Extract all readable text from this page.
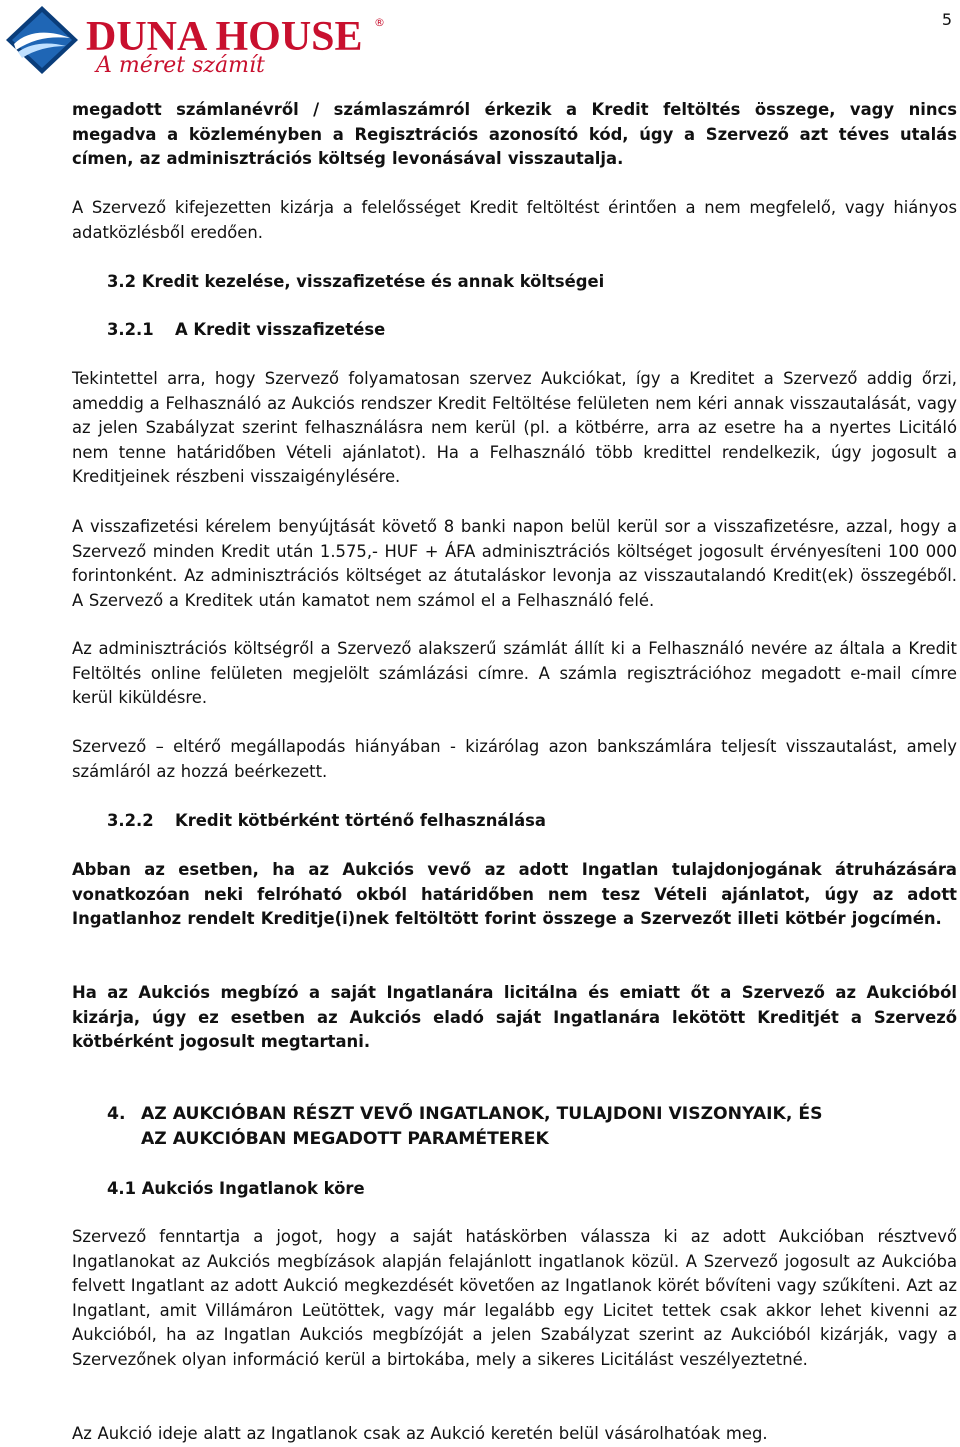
5
DUNA HOUSE ®
A méret számít

megadott számlanévről / számlaszámról érkezik a Kredit feltöltés összege, vagy nincs megadva a közleményben a Regisztrációs azonosító kód, úgy a Szervező azt téves utalás címen, az adminisztrációs költség levonásával visszautalja.

A Szervező kifejezetten kizárja a felelősséget Kredit feltöltést érintően a nem megfelelő, vagy hiányos adatközlésből eredően.

3.2 Kredit kezelése, visszafizetése és annak költségei
3.2.1 A Kredit visszafizetése

Tekintettel arra, hogy Szervező folyamatosan szervez Aukciókat, így a Kreditet a Szervező addig őrzi, ameddig a Felhasználó az Aukciós rendszer Kredit Feltöltése felületen nem kéri annak visszautalását, vagy az jelen Szabályzat szerint felhasználásra nem kerül (pl. a kötbérre, arra az esetre ha a nyertes Licitáló nem tenne határidőben Vételi ajánlatot). Ha a Felhasználó több kredittel rendelkezik, úgy jogosult a Kreditjeinek részbeni visszaigénylésére.

A visszafizetési kérelem benyújtását követő 8 banki napon belül kerül sor a visszafizetésre, azzal, hogy a Szervező minden Kredit után 1.575,- HUF + ÁFA adminisztrációs költséget jogosult érvényesíteni 100 000 forintonként. Az adminisztrációs költséget az átutaláskor levonja az visszautalandó Kredit(ek) összegéből. A Szervező a Kreditek után kamatot nem számol el a Felhasználó felé.

Az adminisztrációs költségről a Szervező alakszerű számlát állít ki a Felhasználó nevére az általa a Kredit Feltöltés online felületen megjelölt számlázási címre. A számla regisztrációhoz megadott e-mail címre kerül kiküldésre.

Szervező – eltérő megállapodás hiányában - kizárólag azon bankszámlára teljesít visszautalást, amely számláról az hozzá beérkezett.

3.2.2 Kredit kötbérként történő felhasználása

Abban az esetben, ha az Aukciós vevő az adott Ingatlan tulajdonjogának átruházására vonatkozóan neki felróható okból határidőben nem tesz Vételi ajánlatot, úgy az adott Ingatlanhoz rendelt Kreditje(i)nek feltöltött forint összege a Szervezőt illeti kötbér jogcímén.

Ha az Aukciós megbízó a saját Ingatlanára licitálna és emiatt őt a Szervező az Aukcióból kizárja, úgy ez esetben az Aukciós eladó saját Ingatlanára lekötött Kreditjét a Szervező kötbérként jogosult megtartani.

4. AZ AUKCIÓBAN RÉSZT VEVŐ INGATLANOK, TULAJDONI VISZONYAIK, ÉS
AZ AUKCIÓBAN MEGADOTT PARAMÉTEREK
4.1 Aukciós Ingatlanok köre

Szervező fenntartja a jogot, hogy a saját hatáskörben válassza ki az adott Aukcióban résztvevő Ingatlanokat az Aukciós megbízások alapján felajánlott ingatlanok közül. A Szervező jogosult az Aukcióba felvett Ingatlant az adott Aukció megkezdését követően az Ingatlanok körét bővíteni vagy szűkíteni. Azt az Ingatlant, amit Villámáron Leütöttek, vagy már legalább egy Licitet tettek csak akkor lehet kivenni az Aukcióból, ha az Ingatlan Aukciós megbízóját a jelen Szabályzat szerint az Aukcióból kizárják, vagy a Szervezőnek olyan információ kerül a birtokába, mely a sikeres Licitálást veszélyeztetné.

Az Aukció ideje alatt az Ingatlanok csak az Aukció keretén belül vásárolhatóak meg.
